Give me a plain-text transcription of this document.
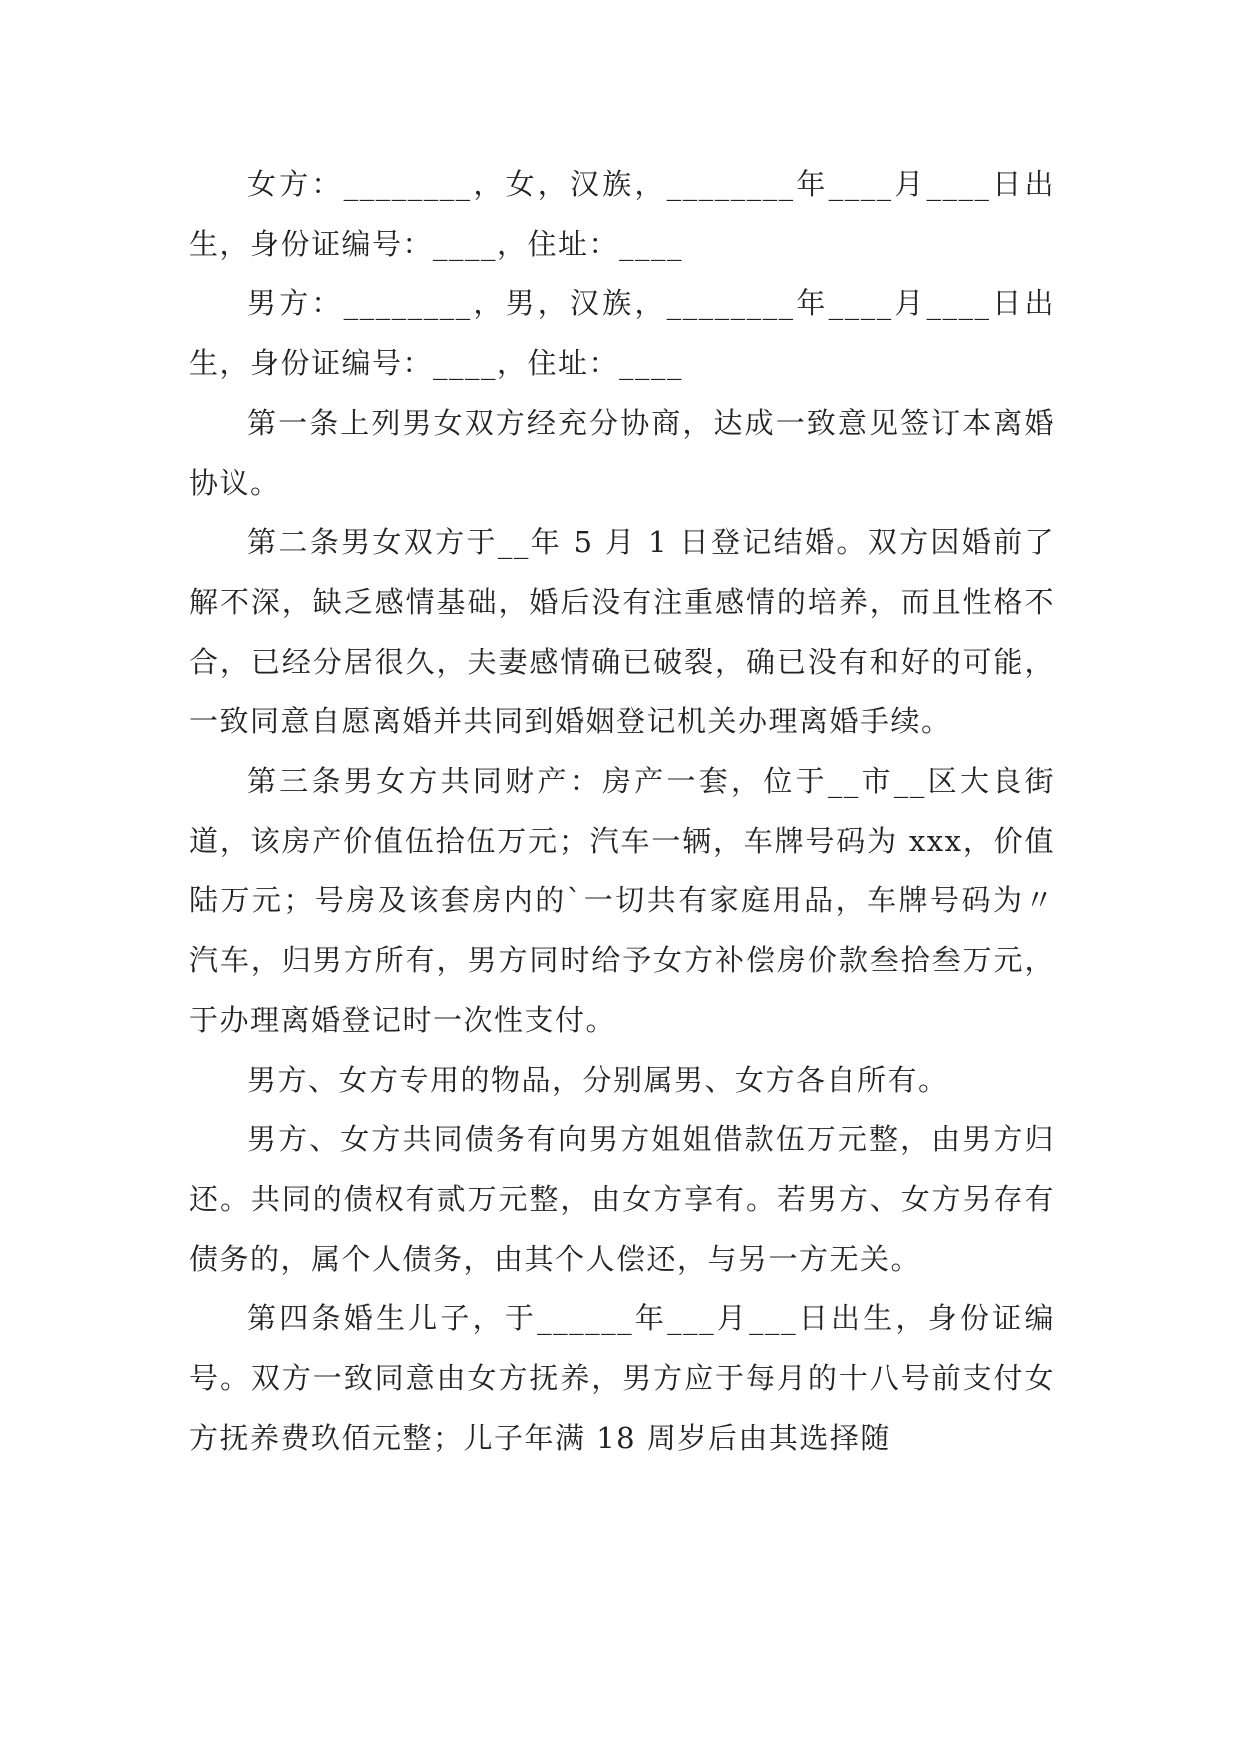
女方：________，女，汉族，________年____月____日出生，身份证编号：____，住址：____

男方：________，男，汉族，________年____月____日出生，身份证编号：____，住址：____

第一条上列男女双方经充分协商，达成一致意见签订本离婚协议。

第二条男女双方于__年 5 月 1 日登记结婚。双方因婚前了解不深，缺乏感情基础，婚后没有注重感情的培养，而且性格不合，已经分居很久，夫妻感情确已破裂，确已没有和好的可能，一致同意自愿离婚并共同到婚姻登记机关办理离婚手续。

第三条男女方共同财产：房产一套，位于__市__区大良街道，该房产价值伍拾伍万元；汽车一辆，车牌号码为 xxx，价值陆万元；号房及该套房内的`一切共有家庭用品，车牌号码为〃汽车，归男方所有，男方同时给予女方补偿房价款叁拾叁万元，于办理离婚登记时一次性支付。

男方、女方专用的物品，分别属男、女方各自所有。

男方、女方共同债务有向男方姐姐借款伍万元整，由男方归还。共同的债权有贰万元整，由女方享有。若男方、女方另存有债务的，属个人债务，由其个人偿还，与另一方无关。

第四条婚生儿子，于______年___月___日出生，身份证编号。双方一致同意由女方抚养，男方应于每月的十八号前支付女方抚养费玖佰元整；儿子年满 18 周岁后由其选择随
